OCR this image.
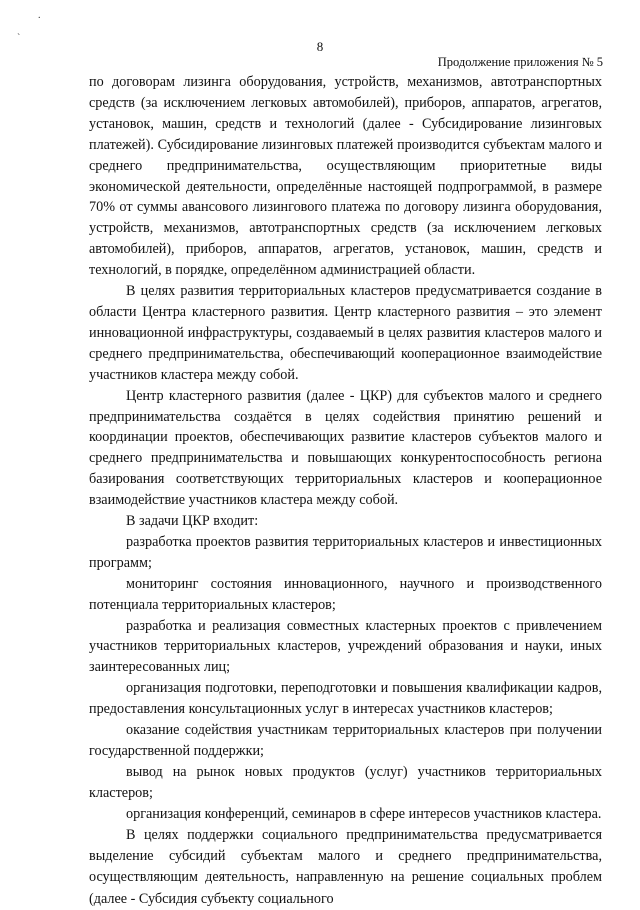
.
`
8
Продолжение приложения № 5

по договорам лизинга оборудования, устройств, механизмов, автотранспортных средств (за исключением легковых автомобилей), приборов, аппаратов, агрегатов, установок, машин, средств и технологий (далее - Субсидирование лизинговых платежей). Субсидирование лизинговых платежей производится субъектам малого и среднего предпринимательства, осуществляющим приоритетные виды экономической деятельности, определённые настоящей подпрограммой, в размере 70% от суммы авансового лизингового платежа по договору лизинга оборудования, устройств, механизмов, автотранспортных средств (за исключением легковых автомобилей), приборов, аппаратов, агрегатов, установок, машин, средств и технологий, в порядке, определённом администрацией области.

В целях развития территориальных кластеров предусматривается создание в области Центра кластерного развития. Центр кластерного развития – это элемент инновационной инфраструктуры, создаваемый в целях развития кластеров малого и среднего предпринимательства, обеспечивающий кооперационное взаимодействие участников кластера между собой.

Центр кластерного развития (далее - ЦКР) для субъектов малого и среднего предпринимательства создаётся в целях содействия принятию решений и координации проектов, обеспечивающих развитие кластеров субъектов малого и среднего предпринимательства и повышающих конкурентоспособность региона базирования соответствующих территориальных кластеров и кооперационное взаимодействие участников кластера между собой.

В задачи ЦКР входит:

разработка проектов развития территориальных кластеров и инвестиционных программ;

мониторинг состояния инновационного, научного и производственного потенциала территориальных кластеров;

разработка и реализация совместных кластерных проектов с привлечением участников территориальных кластеров, учреждений образования и науки, иных заинтересованных лиц;

организация подготовки, переподготовки и повышения квалификации кадров, предоставления консультационных услуг в интересах участников кластеров;

оказание содействия участникам территориальных кластеров при получении государственной поддержки;

вывод на рынок новых продуктов (услуг) участников территориальных кластеров;

организация конференций, семинаров в сфере интересов участников кластера.

В целях поддержки социального предпринимательства предусматривается выделение субсидий субъектам малого и среднего предпринимательства, осуществляющим деятельность, направленную на решение социальных проблем (далее - Субсидия субъекту социального
